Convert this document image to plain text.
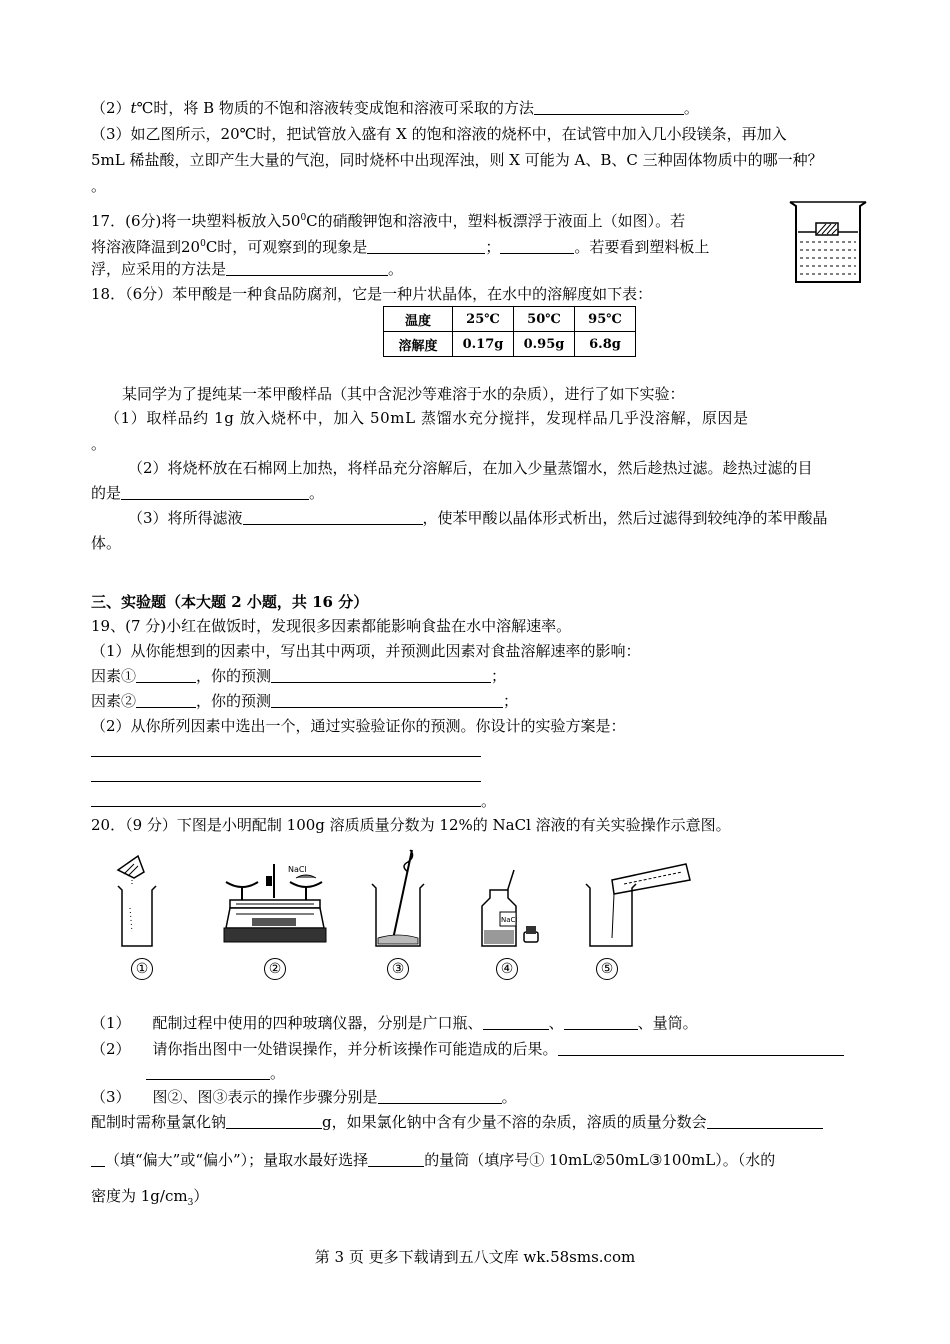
（2）t℃时，将 B 物质的不饱和溶液转变成饱和溶液可采取的方法	。
（3）如乙图所示，20℃时，把试管放入盛有 X 的饱和溶液的烧杯中，在试管中加入几小段镁条，再加入
5mL 稀盐酸，立即产生大量的气泡，同时烧杯中出现浑浊，则 X 可能为 A、B、C 三种固体物质中的哪一种？
。
17．(6分)将一块塑料板放入$50^0C$的硝酸钾饱和溶液中，塑料板漂浮于液面上（如图）。若
将溶液降温到$20^0C$时，可观察到的现象是	；	。若要看到塑料板上
浮，应采用的方法是	。
18．（6分）苯甲酸是一种食品防腐剂，它是一种片状晶体，在水中的溶解度如下表：
温度	25℃	50℃	95℃
溶解度	0.17g	0.95g	6.8g
某同学为了提纯某一苯甲酸样品（其中含泥沙等难溶于水的杂质），进行了如下实验：
（1）取样品约 1g 放入烧杯中，加入 50mL 蒸馏水充分搅拌，发现样品几乎没溶解，原因是
。
（2）将烧杯放在石棉网上加热，将样品充分溶解后，在加入少量蒸馏水，然后趁热过滤。趁热过滤的目
的是	。
（3）将所得滤液	，使苯甲酸以晶体形式析出，然后过滤得到较纯净的苯甲酸晶
体。
三、实验题（本大题 2 小题，共 16 分）
19、(7 分)小红在做饭时，发现很多因素都能影响食盐在水中溶解速率。
（1）从你能想到的因素中，写出其中两项，并预测此因素对食盐溶解速率的影响：
因素①	，你的预测	；
因素②	，你的预测	；
（2）从你所列因素中选出一个，通过实验验证你的预测。你设计的实验方案是：
。
20．（9 分）下图是小明配制 100g 溶质质量分数为 12%的 NaCl 溶液的有关实验操作示意图。
NaCl
NaCl
①	②	③	④	⑤
（1） 配制过程中使用的四种玻璃仪器，分别是广口瓶、	、	、量筒。
（2） 请你指出图中一处错误操作，并分析该操作可能造成的后果。
。
（3） 图②、图③表示的操作步骤分别是	。
配制时需称量氯化钠	g，如果氯化钠中含有少量不溶的杂质，溶质的质量分数会
（填“偏大”或“偏小”）；量取水最好选择	的量筒（填序号① 10mL②50mL③100mL）。（水的
密度为 $1g/cm_3$）
第 3 页 更多下载请到五八文库 wk.58sms.com
